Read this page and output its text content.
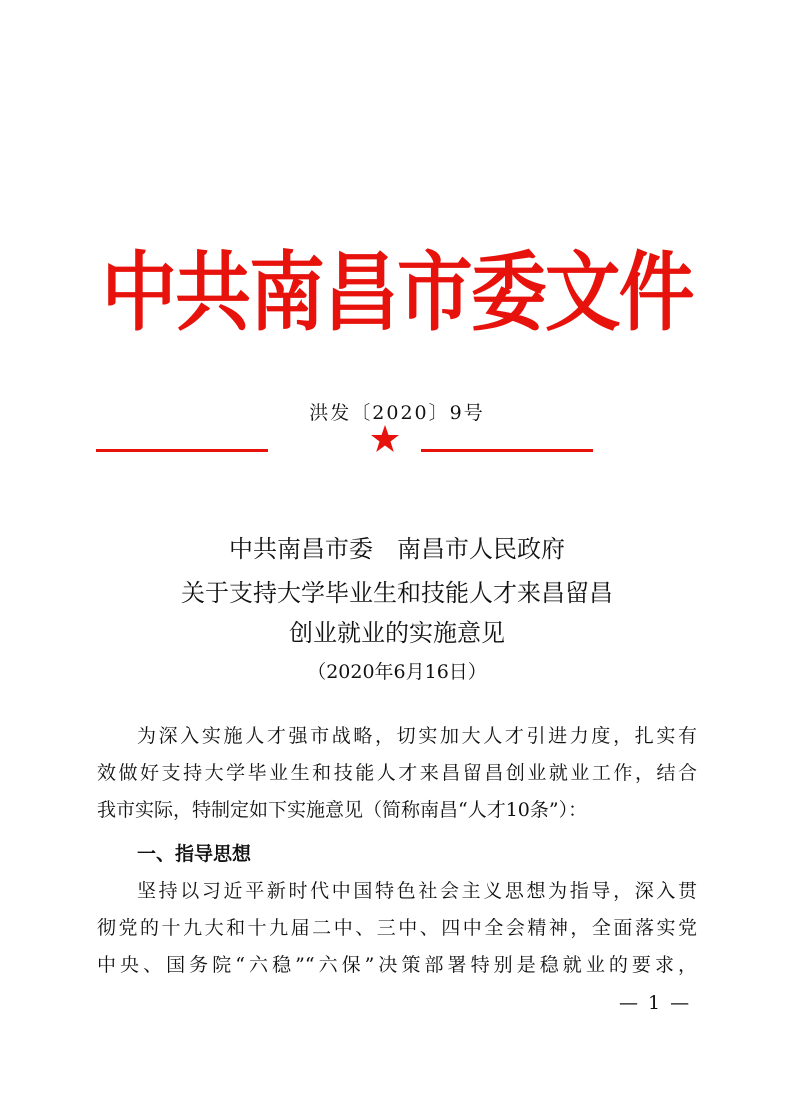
中共南昌市委文件
洪发〔2020〕9号
中共南昌市委　南昌市人民政府
关于支持大学毕业生和技能人才来昌留昌
创业就业的实施意见
（2020年6月16日）
为深入实施人才强市战略，切实加大人才引进力度，扎实有
效做好支持大学毕业生和技能人才来昌留昌创业就业工作，结合
我市实际，特制定如下实施意见（简称南昌“人才10条”）：
一、指导思想
坚持以习近平新时代中国特色社会主义思想为指导，深入贯
彻党的十九大和十九届二中、三中、四中全会精神，全面落实党
中央、国务院“六稳”“六保”决策部署特别是稳就业的要求，
— 1 —
